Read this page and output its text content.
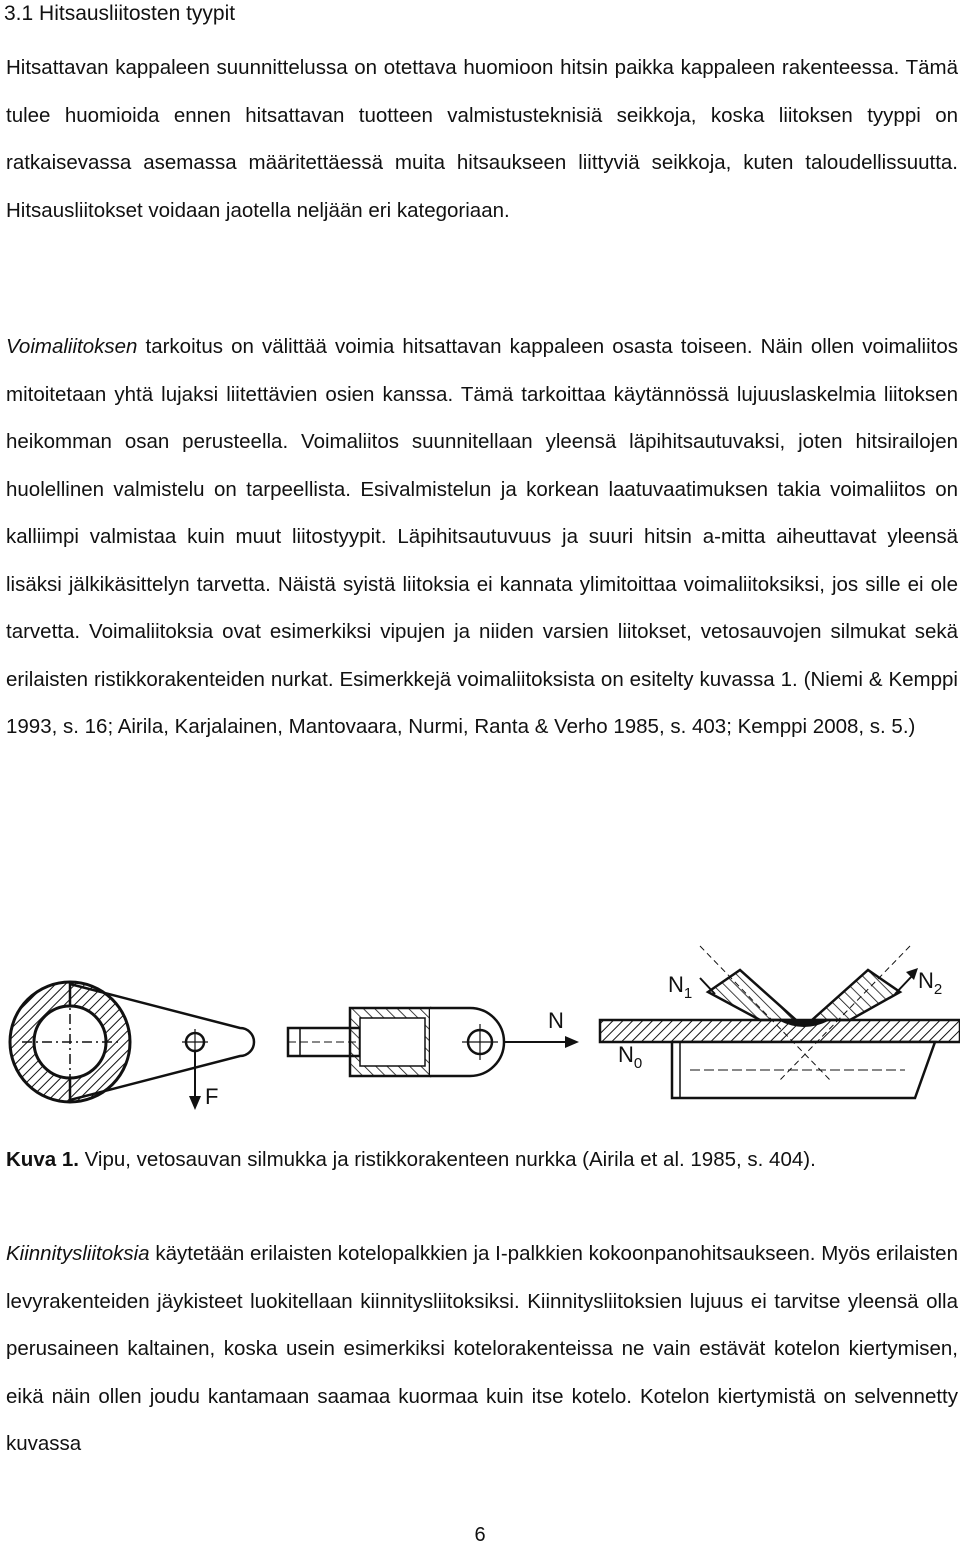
3.1 Hitsausliitosten tyypit

Hitsattavan kappaleen suunnittelussa on otettava huomioon hitsin paikka kappaleen rakenteessa. Tämä tulee huomioida ennen hitsattavan tuotteen valmistusteknisiä seikkoja, koska liitoksen tyyppi on ratkaisevassa asemassa määritettäessä muita hitsaukseen liittyviä seikkoja, kuten taloudellissuutta. Hitsausliitokset voidaan jaotella neljään eri kategoriaan.

Voimaliitoksen tarkoitus on välittää voimia hitsattavan kappaleen osasta toiseen. Näin ollen voimaliitos mitoitetaan yhtä lujaksi liitettävien osien kanssa. Tämä tarkoittaa käytännössä lujuuslaskelmia liitoksen heikomman osan perusteella. Voimaliitos suunnitellaan yleensä läpihitsautuvaksi, joten hitsirailojen huolellinen valmistelu on tarpeellista. Esivalmistelun ja korkean laatuvaatimuksen takia voimaliitos on kalliimpi valmistaa kuin muut liitostyypit. Läpihitsautuvuus ja suuri hitsin a-mitta aiheuttavat yleensä lisäksi jälkikäsittelyn tarvetta. Näistä syistä liitoksia ei kannata ylimitoittaa voimaliitoksiksi, jos sille ei ole tarvetta. Voimaliitoksia ovat esimerkiksi vipujen ja niiden varsien liitokset, vetosauvojen silmukat sekä erilaisten ristikkorakenteiden nurkat. Esimerkkejä voimaliitoksista on esitelty kuvassa 1. (Niemi & Kemppi 1993, s. 16; Airila, Karjalainen, Mantovaara, Nurmi, Ranta & Verho 1985, s. 403; Kemppi 2008, s. 5.)

F
N
$N_1$
$N_2$
$N_0$

Kuva 1. Vipu, vetosauvan silmukka ja ristikkorakenteen nurkka (Airila et al. 1985, s. 404).

Kiinnitysliitoksia käytetään erilaisten kotelopalkkien ja I-palkkien kokoonpanohitsaukseen. Myös erilaisten levyrakenteiden jäykisteet luokitellaan kiinnitysliitoksiksi. Kiinnitysliitoksien lujuus ei tarvitse yleensä olla perusaineen kaltainen, koska usein esimerkiksi kotelorakenteissa ne vain estävät kotelon kiertymisen, eikä näin ollen joudu kantamaan saamaa kuormaa kuin itse kotelo. Kotelon kiertymistä on selvennetty kuvassa

6
